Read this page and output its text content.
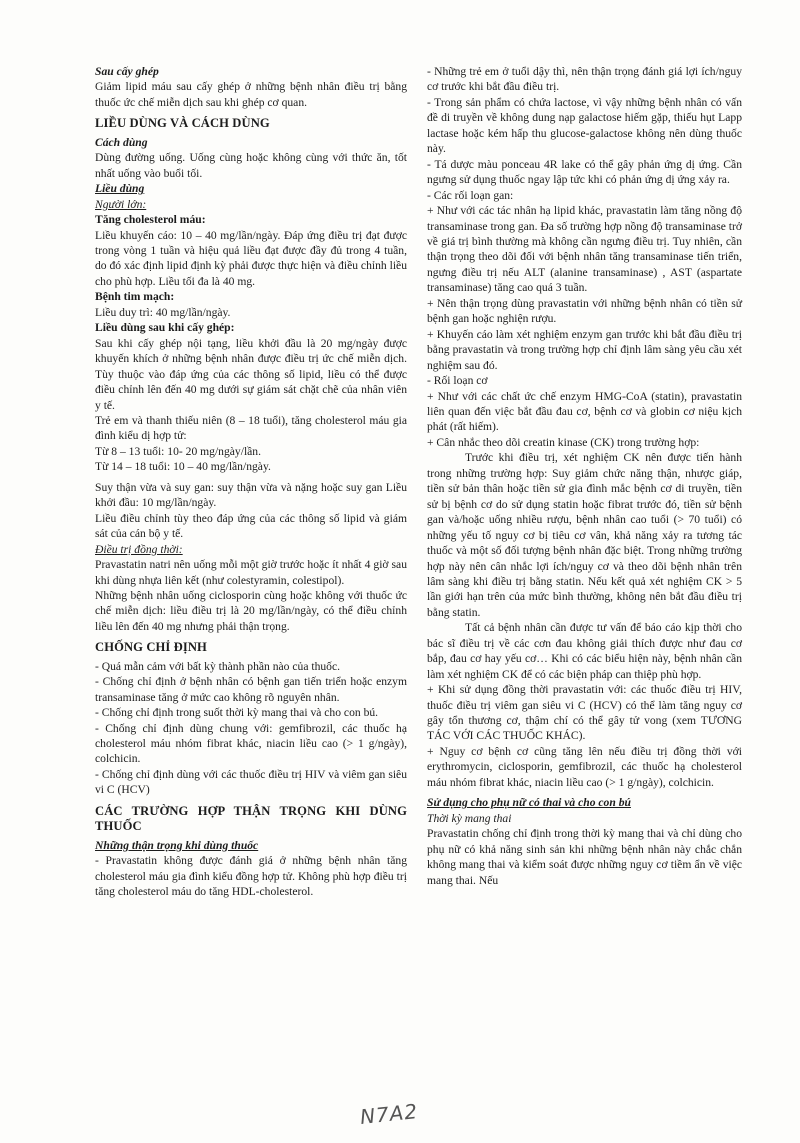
Sau cấy ghép

Giảm lipid máu sau cấy ghép ở những bệnh nhân điều trị bằng thuốc ức chế miễn dịch sau khi ghép cơ quan.

LIỀU DÙNG VÀ CÁCH DÙNG

Cách dùng

Dùng đường uống. Uống cùng hoặc không cùng với thức ăn, tốt nhất uống vào buổi tối.

Liều dùng

Người lớn:

Tăng cholesterol máu:

Liều khuyến cáo: 10 – 40 mg/lần/ngày. Đáp ứng điều trị đạt được trong vòng 1 tuần và hiệu quả liều đạt được đầy đủ trong 4 tuần, do đó xác định lipid định kỳ phải được thực hiện và điều chỉnh liều cho phù hợp. Liều tối đa là 40 mg.

Bệnh tim mạch:

Liều duy trì: 40 mg/lần/ngày.

Liều dùng sau khi cấy ghép:

Sau khi cấy ghép nội tạng, liều khởi đầu là 20 mg/ngày được khuyến khích ở những bệnh nhân được điều trị ức chế miễn dịch. Tùy thuộc vào đáp ứng của các thông số lipid, liều có thể được điều chỉnh lên đến 40 mg dưới sự giám sát chặt chẽ của nhân viên y tế.

Trẻ em và thanh thiếu niên (8 – 18 tuổi), tăng cholesterol máu gia đình kiểu dị hợp tử:

Từ 8 – 13 tuổi: 10- 20 mg/ngày/lần.

Từ 14 – 18 tuổi: 10 – 40 mg/lần/ngày.

Suy thận vừa và suy gan: suy thận vừa và nặng hoặc suy gan Liều khởi đầu: 10 mg/lần/ngày.

Liều điều chỉnh tùy theo đáp ứng của các thông số lipid và giám sát của cán bộ y tế.

Điều trị đồng thời:

Pravastatin natri nên uống mỗi một giờ trước hoặc ít nhất 4 giờ sau khi dùng nhựa liên kết (như colestyramin, colestipol).

Những bệnh nhân uống ciclosporin cùng hoặc không với thuốc ức chế miễn dịch: liều điều trị là 20 mg/lần/ngày, có thể điều chỉnh liều lên đến 40 mg nhưng phải thận trọng.

CHỐNG CHỈ ĐỊNH

- Quá mẫn cảm với bất kỳ thành phần nào của thuốc.

- Chống chỉ định ở bệnh nhân có bệnh gan tiến triển hoặc enzym transaminase tăng ở mức cao không rõ nguyên nhân.

- Chống chỉ định trong suốt thời kỳ mang thai và cho con bú.

- Chống chỉ định dùng chung với: gemfibrozil, các thuốc hạ cholesterol máu nhóm fibrat khác, niacin liều cao (> 1 g/ngày), colchicin.

- Chống chỉ định dùng với các thuốc điều trị HIV và viêm gan siêu vi C (HCV)

CÁC TRƯỜNG HỢP THẬN TRỌNG KHI DÙNG THUỐC

Những thận trọng khi dùng thuốc

- Pravastatin không được đánh giá ở những bệnh nhân tăng cholesterol máu gia đình kiểu đồng hợp tử. Không phù hợp điều trị tăng cholesterol máu do tăng HDL-cholesterol.

- Những trẻ em ở tuổi dậy thì, nên thận trọng đánh giá lợi ích/nguy cơ trước khi bắt đầu điều trị.

- Trong sản phẩm có chứa lactose, vì vậy những bệnh nhân có vấn đề di truyền về không dung nạp galactose hiếm gặp, thiếu hụt Lapp lactase hoặc kém hấp thu glucose-galactose không nên dùng thuốc này.

- Tá dược màu ponceau 4R lake có thể gây phản ứng dị ứng. Cần ngưng sử dụng thuốc ngay lập tức khi có phản ứng dị ứng xảy ra.

- Các rối loạn gan:

+ Như với các tác nhân hạ lipid khác, pravastatin làm tăng nồng độ transaminase trong gan. Đa số trường hợp nồng độ transaminase trở về giá trị bình thường mà không cần ngưng điều trị. Tuy nhiên, cần thận trọng theo dõi đối với bệnh nhân tăng transaminase tiến triển, ngưng điều trị nếu ALT (alanine transaminase) , AST (aspartate transaminase) tăng cao quá 3 tuần.

+ Nên thận trọng dùng pravastatin với những bệnh nhân có tiền sử bệnh gan hoặc nghiện rượu.

+ Khuyến cáo làm xét nghiệm enzym gan trước khi bắt đầu điều trị bằng pravastatin và trong trường hợp chỉ định lâm sàng yêu cầu xét nghiệm sau đó.

- Rối loạn cơ

+ Như với các chất ức chế enzym HMG-CoA (statin), pravastatin liên quan đến việc bắt đầu đau cơ, bệnh cơ và globin cơ niệu kịch phát (rất hiếm).

+ Cân nhắc theo dõi creatin kinase (CK) trong trường hợp:

Trước khi điều trị, xét nghiệm CK nên được tiến hành trong những trường hợp: Suy giảm chức năng thận, nhược giáp, tiền sử bản thân hoặc tiền sử gia đình mắc bệnh cơ di truyền, tiền sử bị bệnh cơ do sử dụng statin hoặc fibrat trước đó, tiền sử bệnh gan và/hoặc uống nhiều rượu, bệnh nhân cao tuổi (> 70 tuổi) có những yếu tố nguy cơ bị tiêu cơ vân, khả năng xảy ra tương tác thuốc và một số đối tượng bệnh nhân đặc biệt. Trong những trường hợp này nên cân nhắc lợi ích/nguy cơ và theo dõi bệnh nhân trên lâm sàng khi điều trị bằng statin. Nếu kết quả xét nghiệm CK > 5 lần giới hạn trên của mức bình thường, không nên bắt đầu điều trị bằng statin.

Tất cả bệnh nhân cần được tư vấn để báo cáo kịp thời cho bác sĩ điều trị về các cơn đau không giải thích được như đau cơ bắp, đau cơ hay yếu cơ… Khi có các biểu hiện này, bệnh nhân cần làm xét nghiệm CK để có các biện pháp can thiệp phù hợp.

+ Khi sử dụng đồng thời pravastatin với: các thuốc điều trị HIV, thuốc điều trị viêm gan siêu vi C (HCV) có thể làm tăng nguy cơ gây tổn thương cơ, thậm chí có thể gây tử vong (xem TƯƠNG TÁC VỚI CÁC THUỐC KHÁC).

+ Nguy cơ bệnh cơ cũng tăng lên nếu điều trị đồng thời với erythromycin, ciclosporin, gemfibrozil, các thuốc hạ cholesterol máu nhóm fibrat khác, niacin liều cao (> 1 g/ngày), colchicin.

Sử dụng cho phụ nữ có thai và cho con bú

Thời kỳ mang thai

Pravastatin chống chỉ định trong thời kỳ mang thai và chỉ dùng cho phụ nữ có khả năng sinh sản khi những bệnh nhân này chắc chắn không mang thai và kiểm soát được những nguy cơ tiềm ẩn về việc mang thai. Nếu

N7A2
